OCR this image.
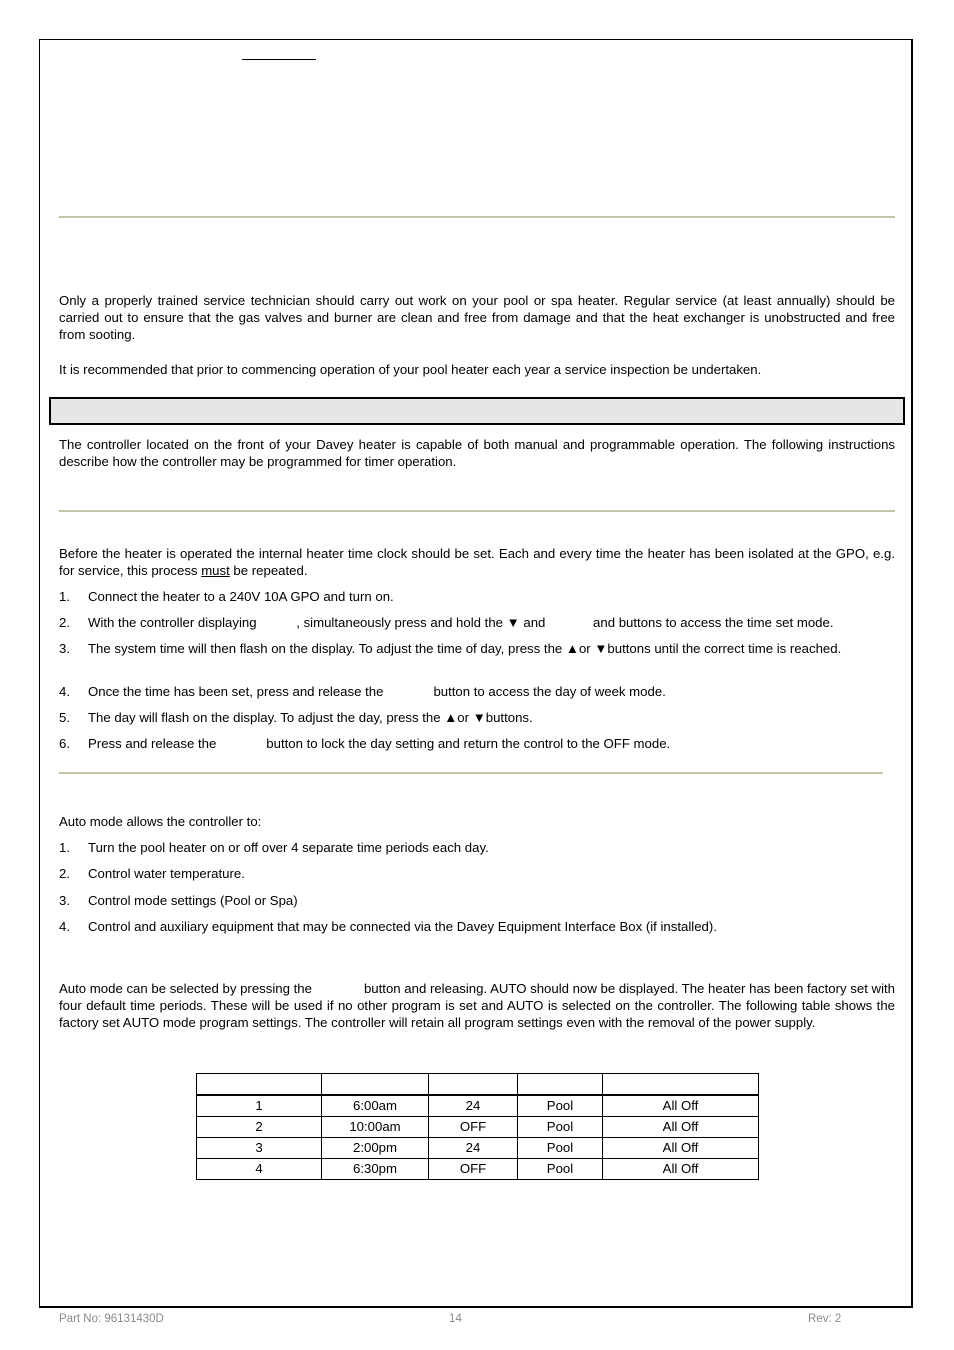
Only a properly trained service technician should carry out work on your pool or spa heater. Regular service (at least annually) should be carried out to ensure that the gas valves and burner are clean and free from damage and that the heat exchanger is unobstructed and free from sooting.

It is recommended that prior to commencing operation of your pool heater each year a service inspection be undertaken.

The controller located on the front of your Davey heater is capable of both manual and programmable operation. The following instructions describe how the controller may be programmed for timer operation.

Before the heater is operated the internal heater time clock should be set. Each and every time the heater has been isolated at the GPO, e.g. for service, this process must be repeated.

1. Connect the heater to a 240V 10A GPO and turn on.
2. With the controller displaying	, simultaneously press and hold the ▼ and	and buttons to access the time set mode.
3. The system time will then flash on the display. To adjust the time of day, press the ▲or ▼buttons until the correct time is reached.
4. Once the time has been set, press and release the	button to access the day of week mode.
5. The day will flash on the display. To adjust the day, press the ▲or ▼buttons.
6. Press and release the	button to lock the day setting and return the control to the OFF mode.

Auto mode allows the controller to:

1. Turn the pool heater on or off over 4 separate time periods each day.
2. Control water temperature.
3. Control mode settings (Pool or Spa)
4. Control and auxiliary equipment that may be connected via the Davey Equipment Interface Box (if installed).

Auto mode can be selected by pressing the	button and releasing. AUTO should now be displayed. The heater has been factory set with four default time periods. These will be used if no other program is set and AUTO is selected on the controller. The following table shows the factory set AUTO mode program settings. The controller will retain all program settings even with the removal of the power supply.

1	6:00am	24	Pool	All Off
2	10:00am	OFF	Pool	All Off
3	2:00pm	24	Pool	All Off
4	6:30pm	OFF	Pool	All Off
Part No: 96131430D	14	Rev: 2
